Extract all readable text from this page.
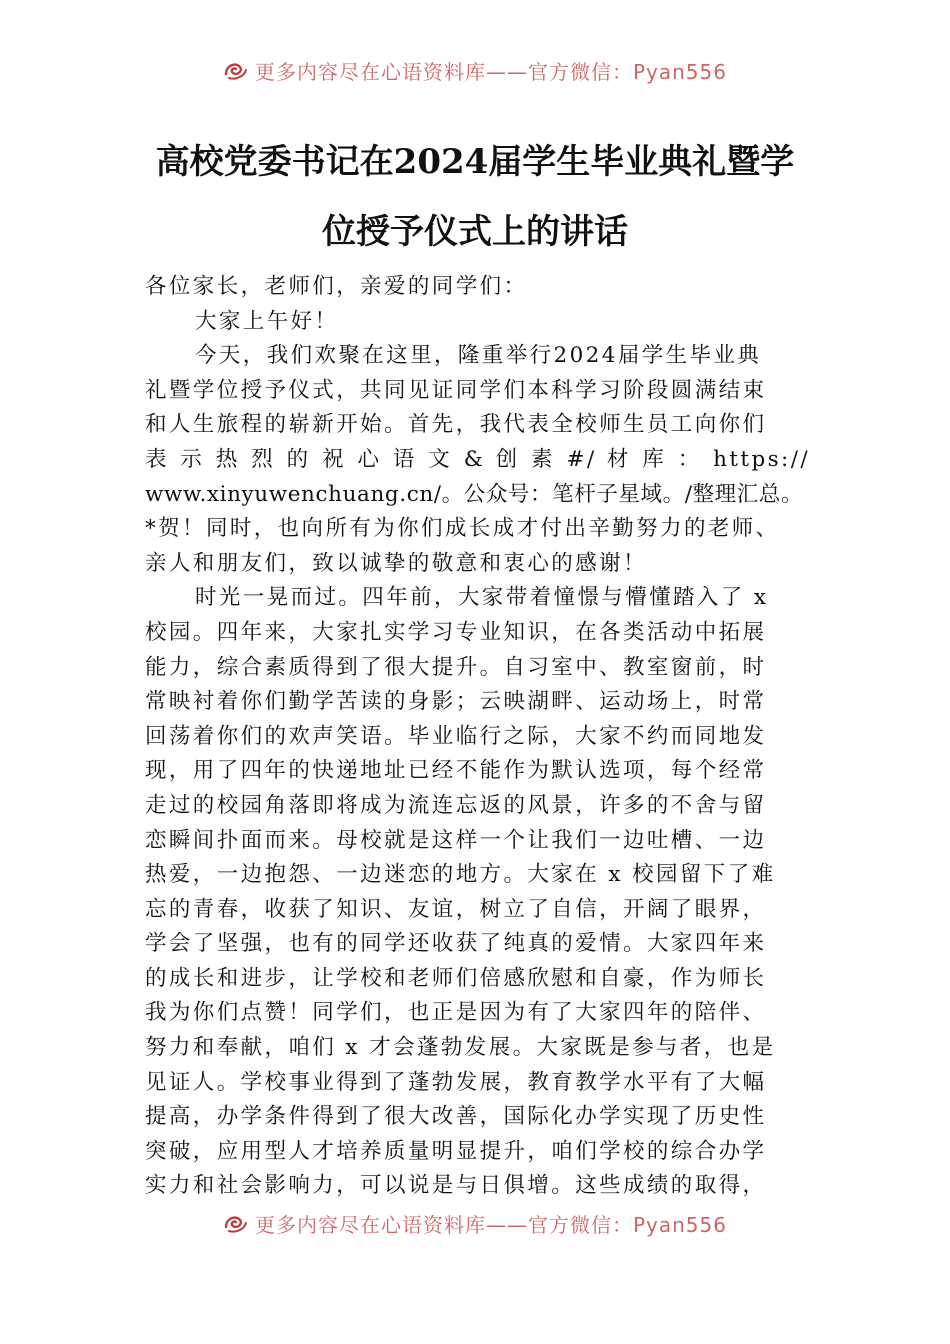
更多内容尽在心语资料库——官方微信：Pyan556
高校党委书记在2024届学生毕业典礼暨学
位授予仪式上的讲话
各位家长，老师们，亲爱的同学们：
大家上午好！
今天，我们欢聚在这里，隆重举行2024届学生毕业典
礼暨学位授予仪式，共同见证同学们本科学习阶段圆满结束
和人生旅程的崭新开始。首先，我代表全校师生员工向你们
表 示 热 烈 的 祝 心 语 文 & 创 素 #/ 材 库 ： https://
www.xinyuwenchuang.cn/。公众号：笔杆子星域。/整理汇总。
*贺！同时，也向所有为你们成长成才付出辛勤努力的老师、
亲人和朋友们，致以诚挚的敬意和衷心的感谢！
时光一晃而过。四年前，大家带着憧憬与懵懂踏入了 x
校园。四年来，大家扎实学习专业知识，在各类活动中拓展
能力，综合素质得到了很大提升。自习室中、教室窗前，时
常映衬着你们勤学苦读的身影；云映湖畔、运动场上，时常
回荡着你们的欢声笑语。毕业临行之际，大家不约而同地发
现，用了四年的快递地址已经不能作为默认选项，每个经常
走过的校园角落即将成为流连忘返的风景，许多的不舍与留
恋瞬间扑面而来。母校就是这样一个让我们一边吐槽、一边
热爱，一边抱怨、一边迷恋的地方。大家在 x 校园留下了难
忘的青春，收获了知识、友谊，树立了自信，开阔了眼界，
学会了坚强，也有的同学还收获了纯真的爱情。大家四年来
的成长和进步，让学校和老师们倍感欣慰和自豪，作为师长
我为你们点赞！同学们，也正是因为有了大家四年的陪伴、
努力和奉献，咱们 x 才会蓬勃发展。大家既是参与者，也是
见证人。学校事业得到了蓬勃发展，教育教学水平有了大幅
提高，办学条件得到了很大改善，国际化办学实现了历史性
突破，应用型人才培养质量明显提升，咱们学校的综合办学
实力和社会影响力，可以说是与日俱增。这些成绩的取得，
更多内容尽在心语资料库——官方微信：Pyan556
